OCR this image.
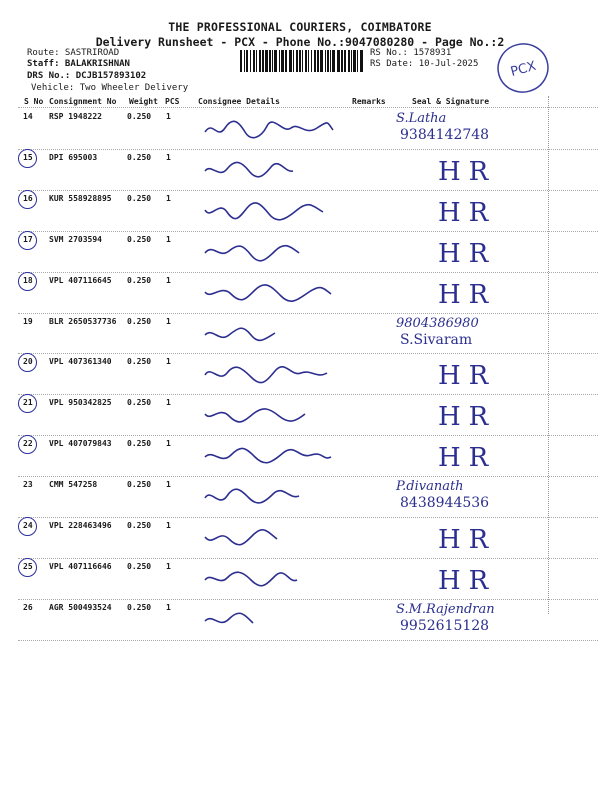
THE PROFESSIONAL COURIERS, COIMBATORE
Delivery Runsheet - PCX - Phone No.:9047080280 - Page No.:2
Route: SASTRIROAD
Staff: BALAKRISHNAN
DRS No.: DCJB157893102
Vehicle: Two Wheeler Delivery
RS No.: 1578931
RS Date: 10-Jul-2025 PCX
S No Consignment No Weight PCS Consignee Details	Remarks	Seal & Signature
14 RSP 1948222	0.250 1	S.Latha
9384142748
15 DPI 695003	0.250 1	HR
16 KUR 558928895 0.250 1	HR
17 SVM 2703594	0.250 1	HR
18 VPL 407116645 0.250 1	HR
19 BLR 2650537736 0.250 1	9804386980
S.Sivaram
20 VPL 407361340 0.250 1	HR
21 VPL 950342825 0.250 1	HR
22 VPL 407079843 0.250 1	HR
23 CMM 547258	0.250 1	P.divanath
8438944536
24 VPL 228463496 0.250 1	HR
25 VPL 407116646 0.250 1	HR
26 AGR 500493524 0.250 1	S.M.Rajendran
9952615128
